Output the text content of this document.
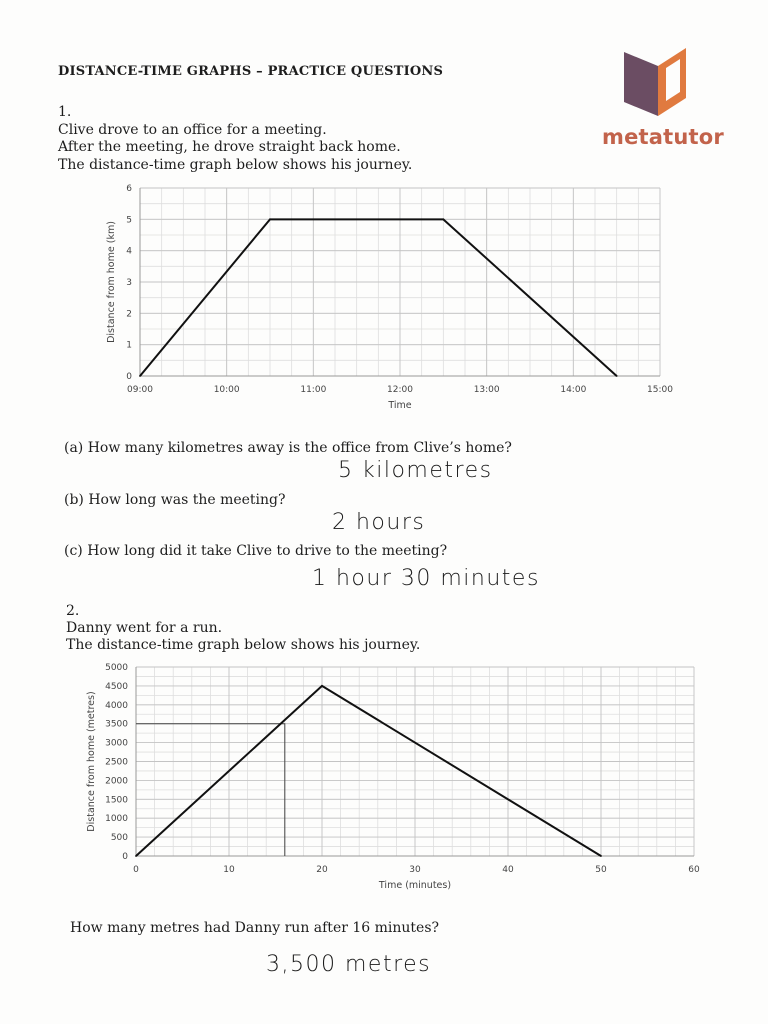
DISTANCE-TIME GRAPHS – PRACTICE QUESTIONS
metatutor
1.
Clive drove to an office for a meeting.
After the meeting, he drove straight back home.
The distance-time graph below shows his journey.
0
1
2
3
4
5
6
09:00	10:00	11:00	12:00	13:00	14:00	15:00
Time
Distance from home (km)
(a) How many kilometres away is the office from Clive’s home?
5 kilometres
(b) How long was the meeting?
2 hours
(c) How long did it take Clive to drive to the meeting?
1 hour 30 minutes
2.
Danny went for a run.
The distance-time graph below shows his journey.
0
500
1000
1500
2000
2500
3000
3500
4000
4500
5000
0	10	20	30	40	50	60
Time (minutes)
Distance from home (metres)
How many metres had Danny run after 16 minutes?
3,500 metres
